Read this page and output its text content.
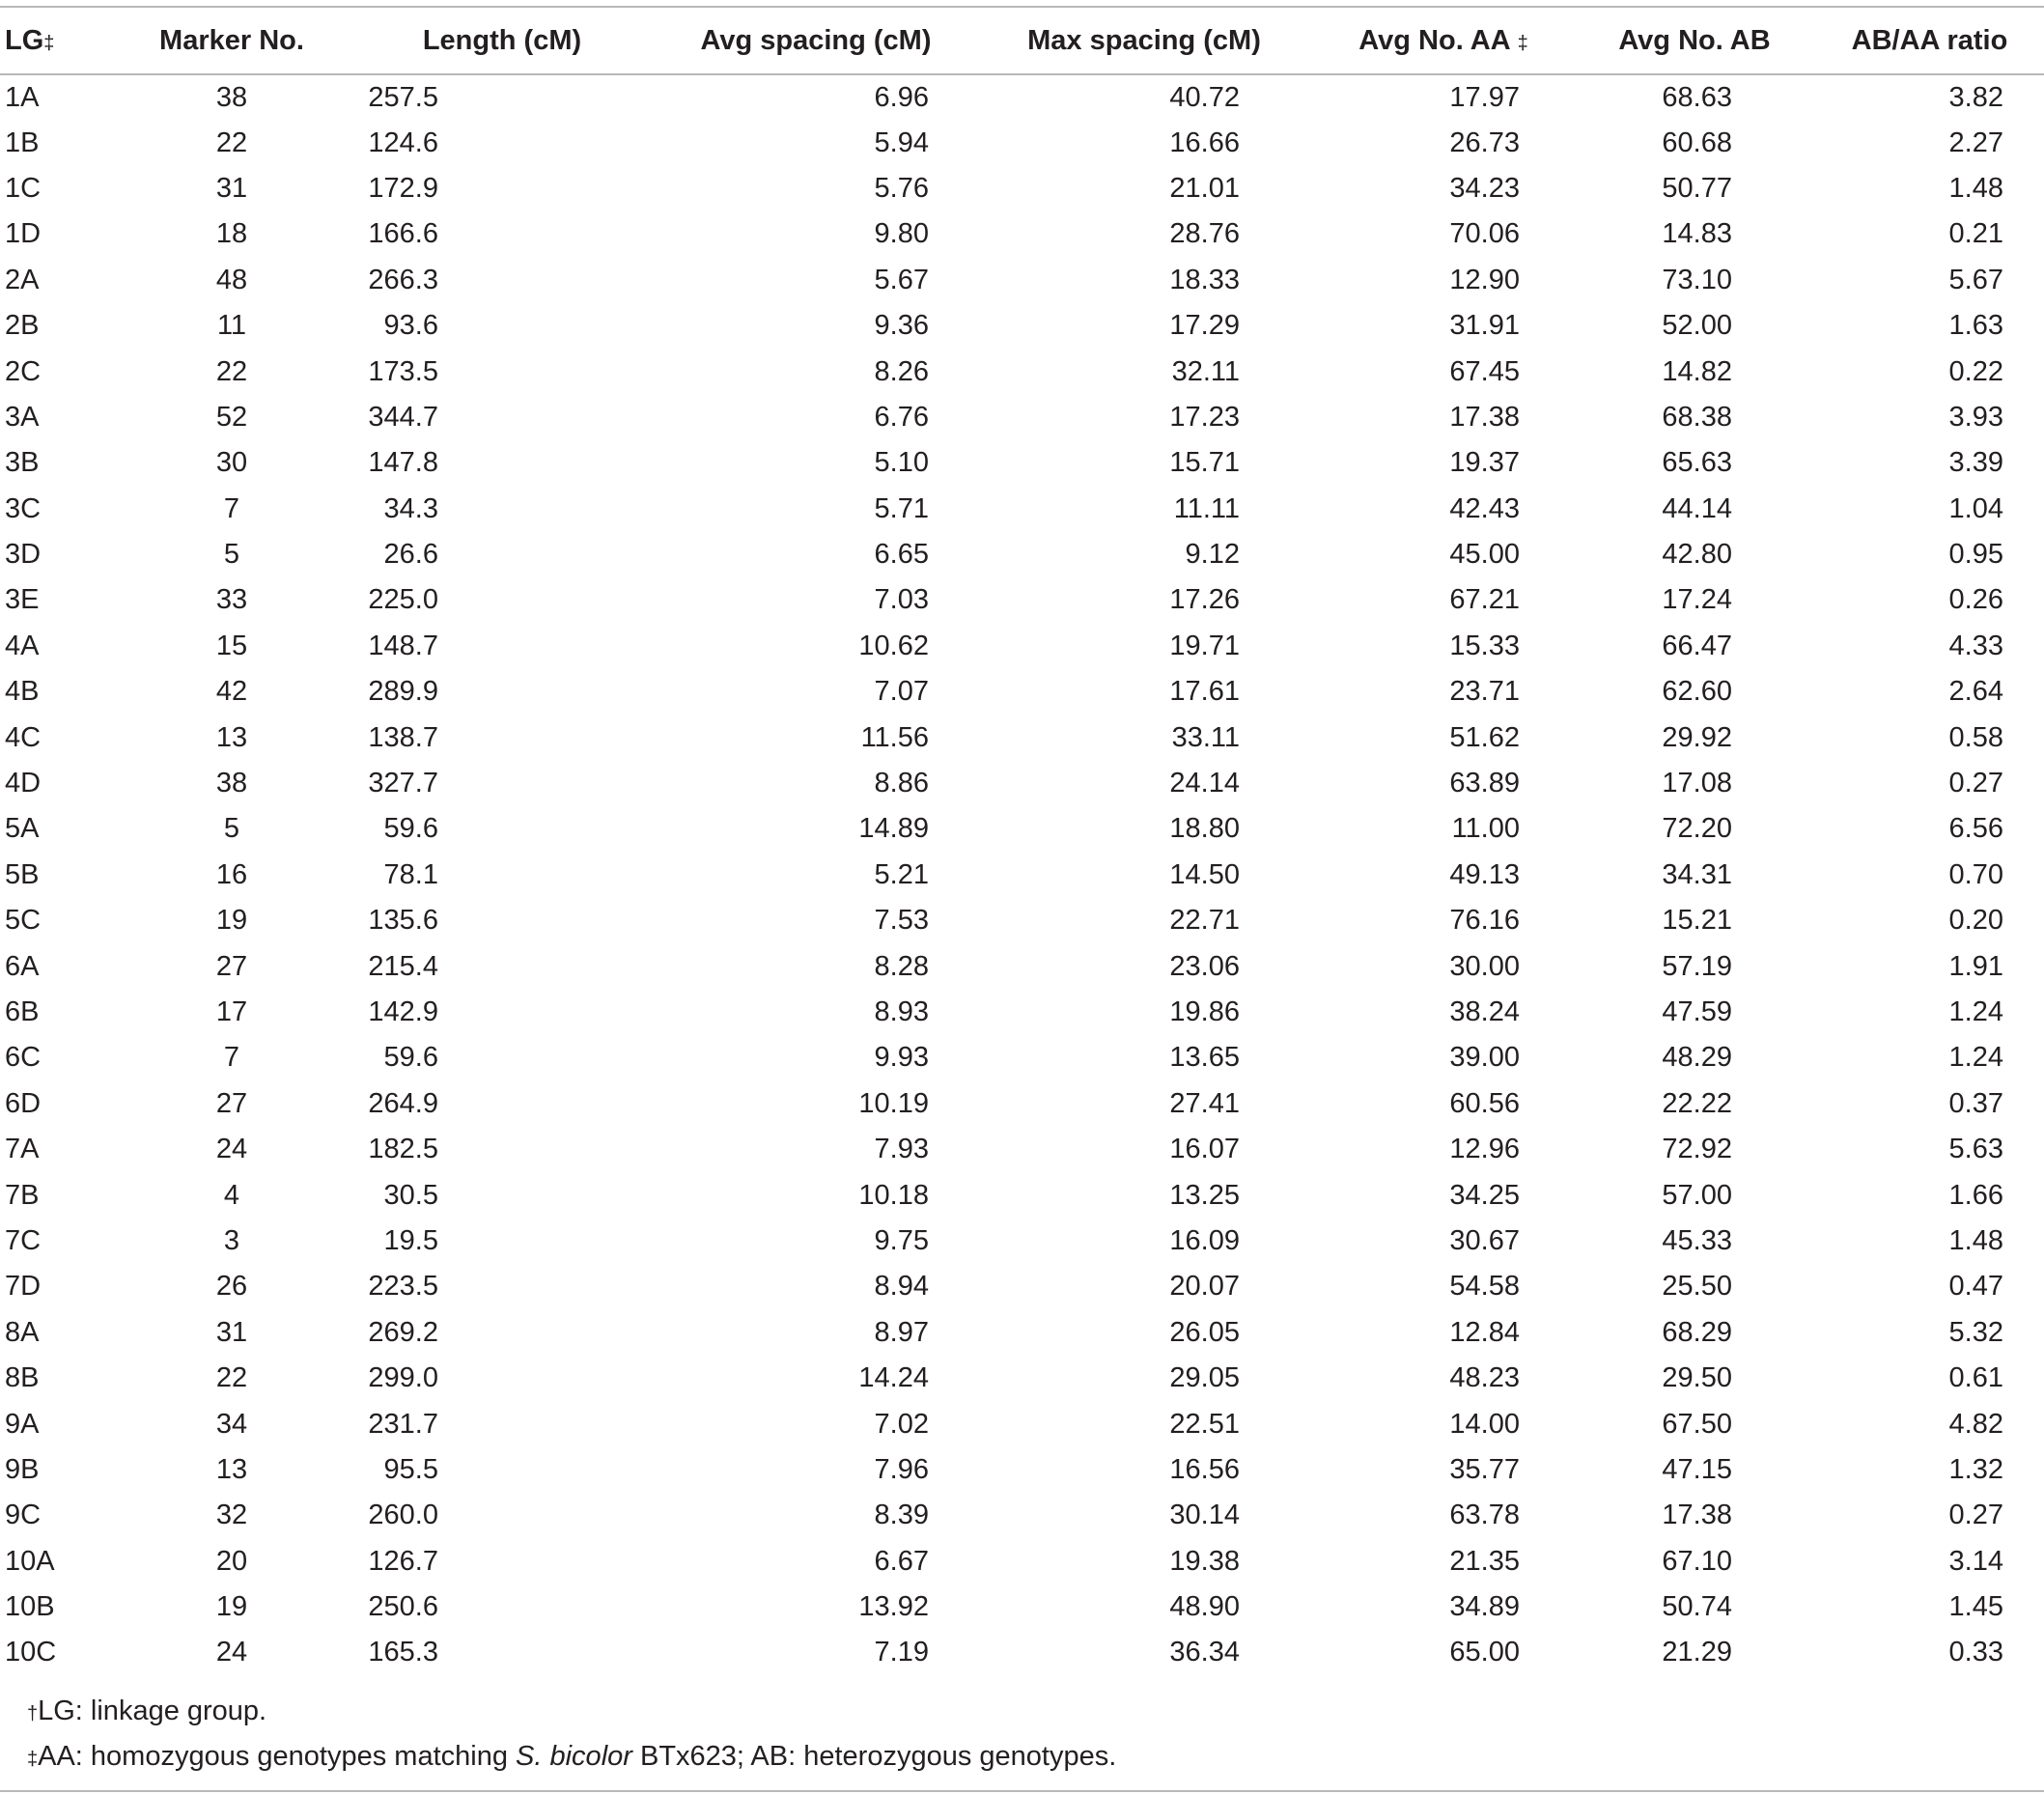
LG‡	Marker No.	Length (cM)	Avg spacing (cM)	Max spacing (cM)	Avg No. AA ‡	Avg No. AB	AB/AA ratio
1A	38	257.5	6.96	40.72	17.97	68.63	3.82
1B	22	124.6	5.94	16.66	26.73	60.68	2.27
1C	31	172.9	5.76	21.01	34.23	50.77	1.48
1D	18	166.6	9.80	28.76	70.06	14.83	0.21
2A	48	266.3	5.67	18.33	12.90	73.10	5.67
2B	11	93.6	9.36	17.29	31.91	52.00	1.63
2C	22	173.5	8.26	32.11	67.45	14.82	0.22
3A	52	344.7	6.76	17.23	17.38	68.38	3.93
3B	30	147.8	5.10	15.71	19.37	65.63	3.39
3C	7	34.3	5.71	11.11	42.43	44.14	1.04
3D	5	26.6	6.65	9.12	45.00	42.80	0.95
3E	33	225.0	7.03	17.26	67.21	17.24	0.26
4A	15	148.7	10.62	19.71	15.33	66.47	4.33
4B	42	289.9	7.07	17.61	23.71	62.60	2.64
4C	13	138.7	11.56	33.11	51.62	29.92	0.58
4D	38	327.7	8.86	24.14	63.89	17.08	0.27
5A	5	59.6	14.89	18.80	11.00	72.20	6.56
5B	16	78.1	5.21	14.50	49.13	34.31	0.70
5C	19	135.6	7.53	22.71	76.16	15.21	0.20
6A	27	215.4	8.28	23.06	30.00	57.19	1.91
6B	17	142.9	8.93	19.86	38.24	47.59	1.24
6C	7	59.6	9.93	13.65	39.00	48.29	1.24
6D	27	264.9	10.19	27.41	60.56	22.22	0.37
7A	24	182.5	7.93	16.07	12.96	72.92	5.63
7B	4	30.5	10.18	13.25	34.25	57.00	1.66
7C	3	19.5	9.75	16.09	30.67	45.33	1.48
7D	26	223.5	8.94	20.07	54.58	25.50	0.47
8A	31	269.2	8.97	26.05	12.84	68.29	5.32
8B	22	299.0	14.24	29.05	48.23	29.50	0.61
9A	34	231.7	7.02	22.51	14.00	67.50	4.82
9B	13	95.5	7.96	16.56	35.77	47.15	1.32
9C	32	260.0	8.39	30.14	63.78	17.38	0.27
10A	20	126.7	6.67	19.38	21.35	67.10	3.14
10B	19	250.6	13.92	48.90	34.89	50.74	1.45
10C	24	165.3	7.19	36.34	65.00	21.29	0.33
†LG: linkage group.
‡AA: homozygous genotypes matching S. bicolor BTx623; AB: heterozygous genotypes.
